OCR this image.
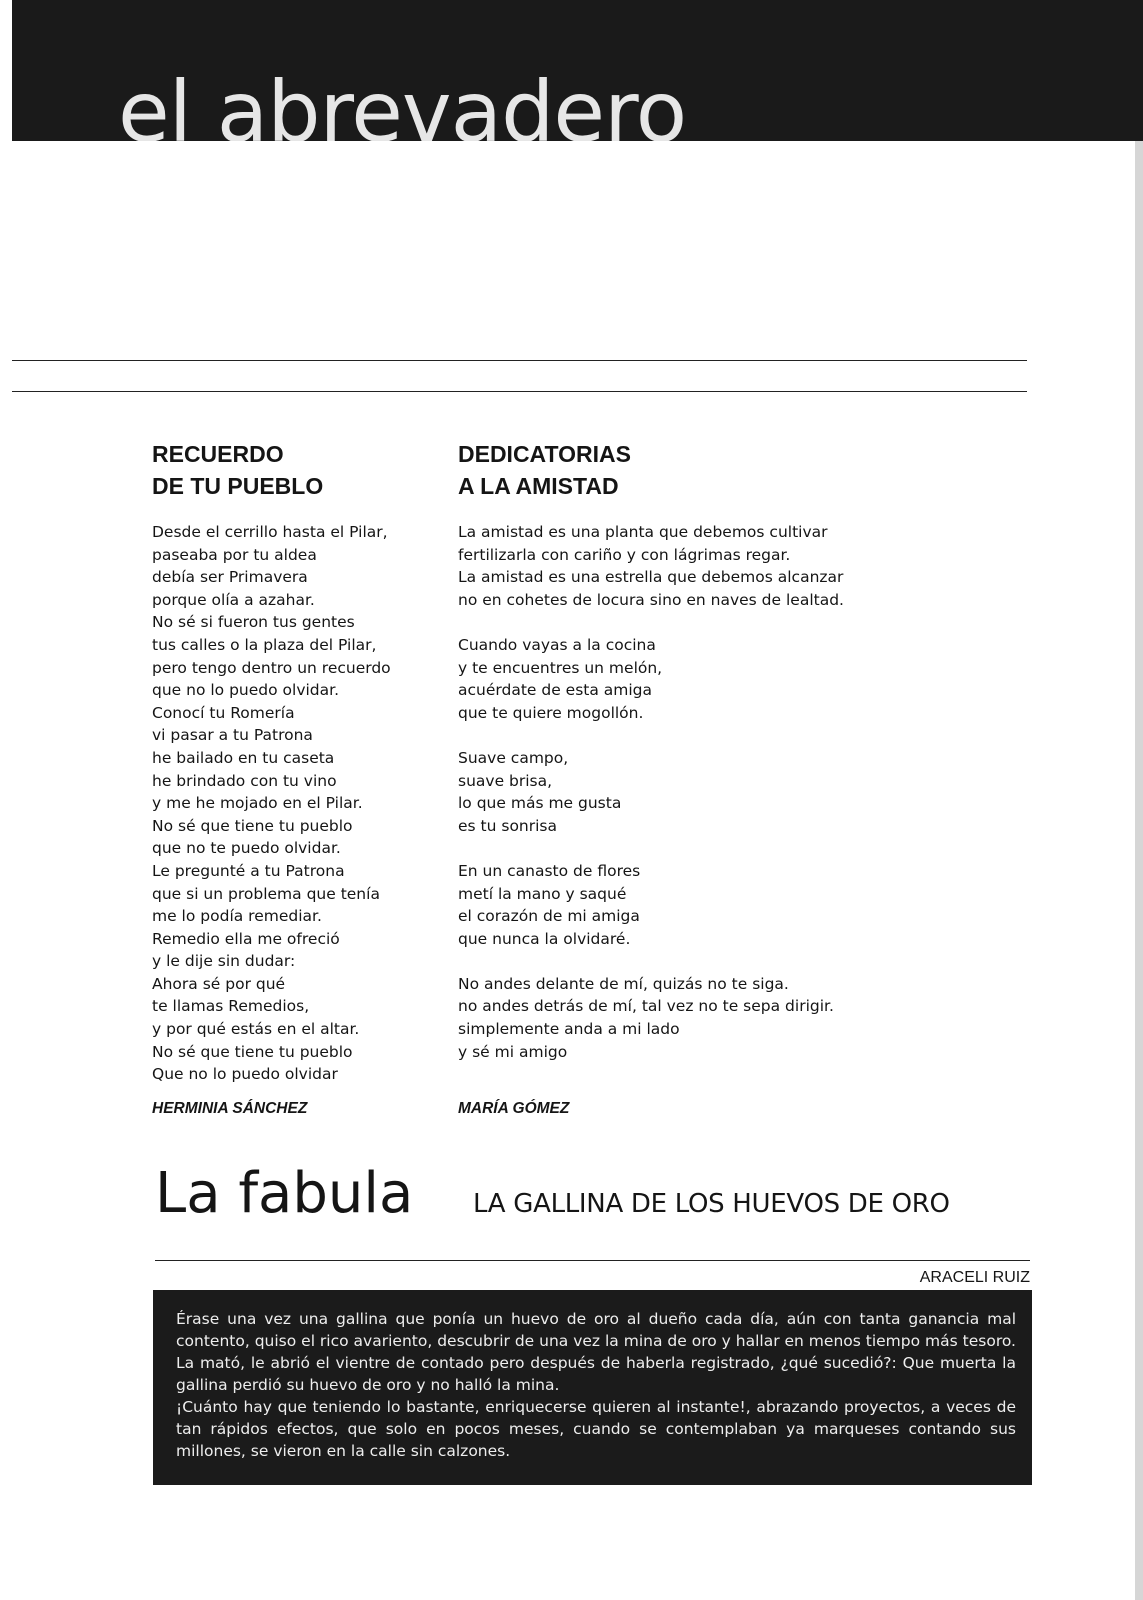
el abrevadero
RECUERDO
DE TU PUEBLO
Desde el cerrillo hasta el Pilar,
paseaba por tu aldea
debía ser Primavera
porque olía a azahar.
No sé si fueron tus gentes
tus calles o la plaza del Pilar,
pero tengo dentro un recuerdo
que no lo puedo olvidar.
Conocí tu Romería
vi pasar a tu Patrona
he bailado en tu caseta
he brindado con tu vino
y me he mojado en el Pilar.
No sé que tiene tu pueblo
que no te puedo olvidar.
Le pregunté a tu Patrona
que si un problema que tenía
me lo podía remediar.
Remedio ella me ofreció
y le dije sin dudar:
Ahora sé por qué
te llamas Remedios,
y por qué estás en el altar.
No sé que tiene tu pueblo
Que no lo puedo olvidar
DEDICATORIAS
A LA AMISTAD
La amistad es una planta que debemos cultivar
fertilizarla con cariño y con lágrimas regar.
La amistad es una estrella que debemos alcanzar
no en cohetes de locura sino en naves de lealtad.
Cuando vayas a la cocina
y te encuentres un melón,
acuérdate de esta amiga
que te quiere mogollón.
Suave campo,
suave brisa,
lo que más me gusta
es tu sonrisa
En un canasto de flores
metí la mano y saqué
el corazón de mi amiga
que nunca la olvidaré.
No andes delante de mí, quizás no te siga.
no andes detrás de mí, tal vez no te sepa dirigir.
simplemente anda a mi lado
y sé mi amigo
HERMINIA SÁNCHEZ	MARÍA GÓMEZ
La fabula LA GALLINA DE LOS HUEVOS DE ORO
ARACELI RUIZ

Érase una vez una gallina que ponía un huevo de oro al dueño cada día, aún con tanta ganancia mal contento, quiso el rico avariento, descubrir de una vez la mina de oro y hallar en menos tiempo más tesoro. La mató, le abrió el vientre de contado pero después de haberla registrado, ¿qué sucedió?: Que muerta la gallina perdió su huevo de oro y no halló la mina.

¡Cuánto hay que teniendo lo bastante, enriquecerse quieren al instante!, abrazando proyectos, a veces de tan rápidos efectos, que solo en pocos meses, cuando se contemplaban ya marqueses contando sus millones, se vieron en la calle sin calzones.
